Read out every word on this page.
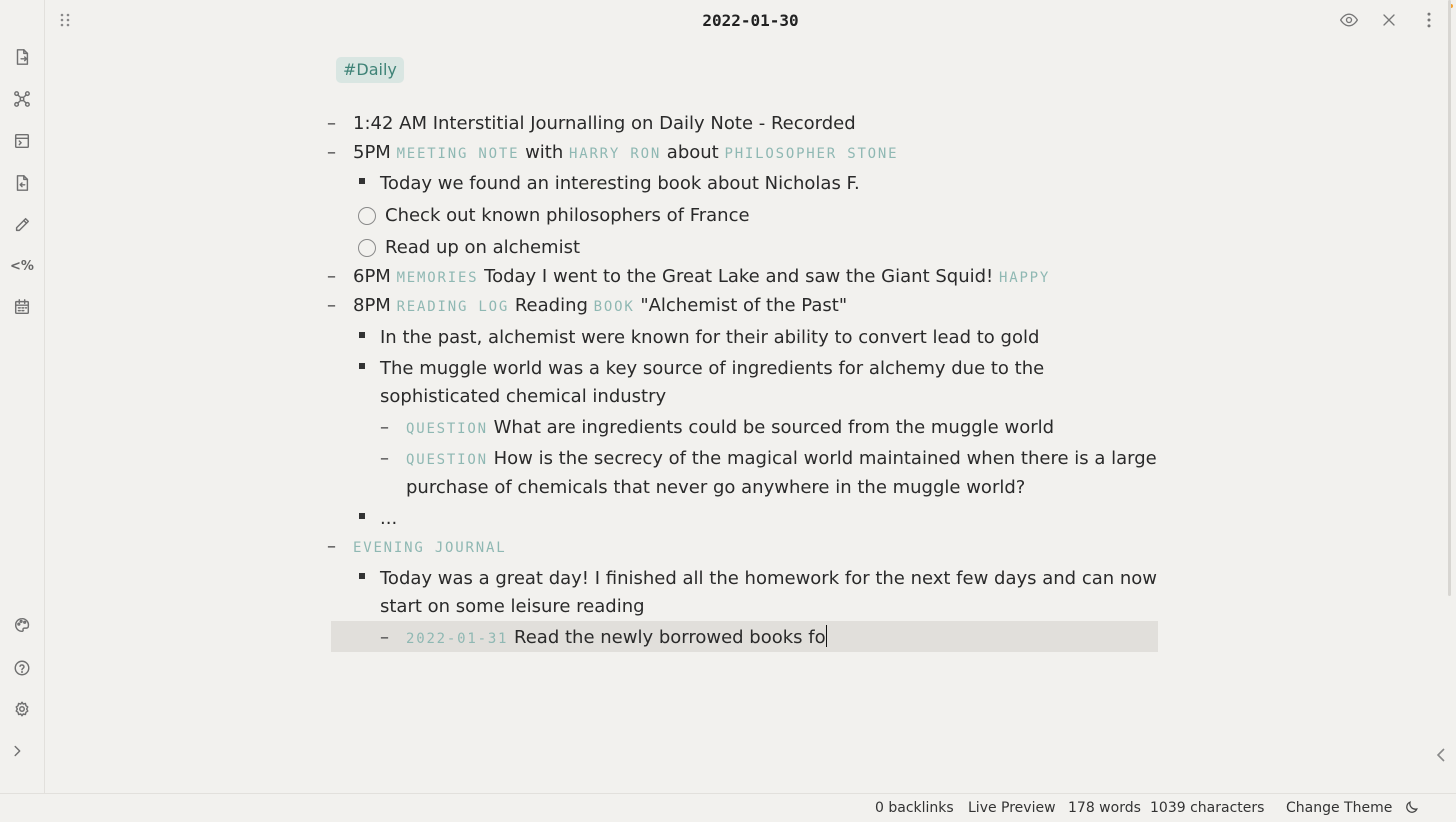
<%
2022-01-30
#Daily
– 1:42 AM Interstitial Journalling on Daily Note - Recorded
– 5PM MEETING NOTE with HARRY RON about PHILOSOPHER STONE
Today we found an interesting book about Nicholas F.
Check out known philosophers of France
Read up on alchemist
– 6PM MEMORIES Today I went to the Great Lake and saw the Giant Squid! HAPPY
– 8PM READING LOG Reading BOOK "Alchemist of the Past"
In the past, alchemist were known for their ability to convert lead to gold
The muggle world was a key source of ingredients for alchemy due to the sophisticated chemical industry
– QUESTION What are ingredients could be sourced from the muggle world
– QUESTION How is the secrecy of the magical world maintained when there is a large purchase of chemicals that never go anywhere in the muggle world?
...
– EVENING JOURNAL
Today was a great day! I finished all the homework for the next few days and can now start on some leisure reading
– 2022-01-31 Read the newly borrowed books fo
0 backlinks Live Preview 178 words 1039 characters Change Theme
